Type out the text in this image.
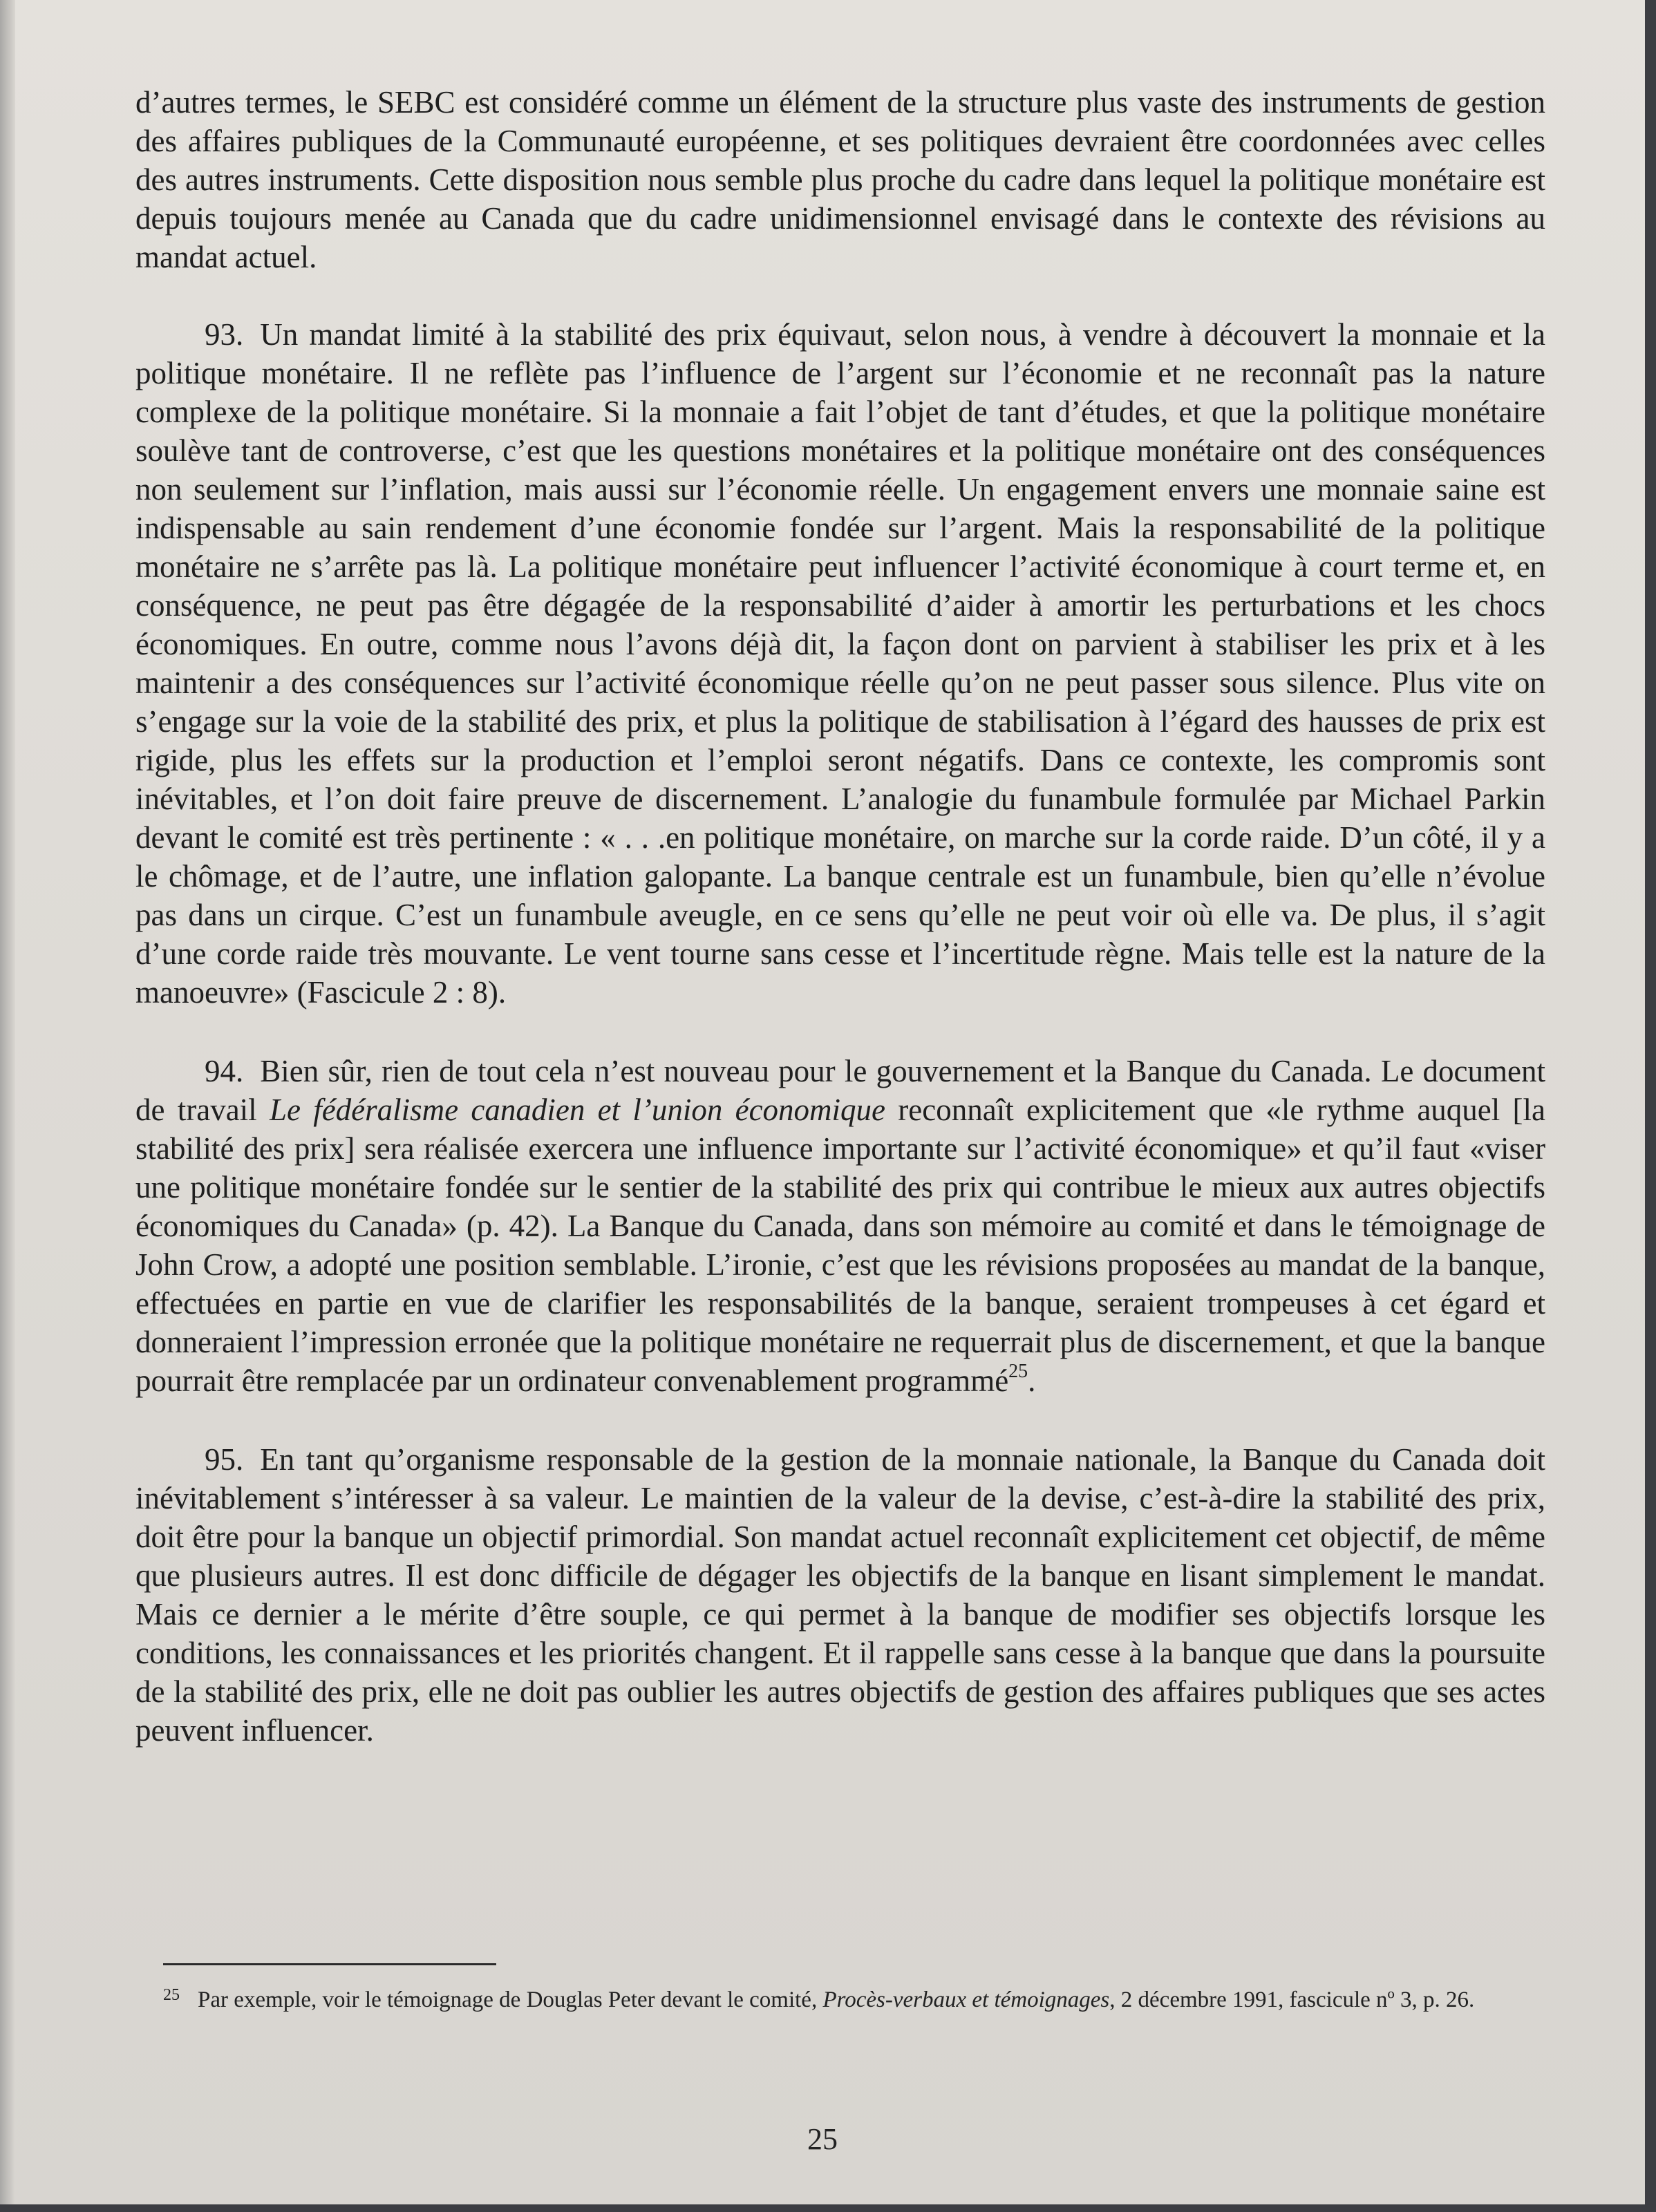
d’autres termes, le SEBC est considéré comme un élément de la structure plus vaste des instruments de gestion des affaires publiques de la Communauté européenne, et ses politiques devraient être coordonnées avec celles des autres instruments. Cette disposition nous semble plus proche du cadre dans lequel la politique monétaire est depuis toujours menée au Canada que du cadre unidimensionnel envisagé dans le contexte des révisions au mandat actuel.

93. Un mandat limité à la stabilité des prix équivaut, selon nous, à vendre à découvert la monnaie et la politique monétaire. Il ne reflète pas l’influence de l’argent sur l’économie et ne reconnaît pas la nature complexe de la politique monétaire. Si la monnaie a fait l’objet de tant d’études, et que la politique monétaire soulève tant de controverse, c’est que les questions monétaires et la politique monétaire ont des conséquences non seulement sur l’inflation, mais aussi sur l’économie réelle. Un engagement envers une monnaie saine est indispensable au sain rendement d’une économie fondée sur l’argent. Mais la responsabilité de la politique monétaire ne s’arrête pas là. La politique monétaire peut influencer l’activité économique à court terme et, en conséquence, ne peut pas être dégagée de la responsabilité d’aider à amortir les perturbations et les chocs économiques. En outre, comme nous l’avons déjà dit, la façon dont on parvient à stabiliser les prix et à les maintenir a des conséquences sur l’activité économique réelle qu’on ne peut passer sous silence. Plus vite on s’engage sur la voie de la stabilité des prix, et plus la politique de stabilisation à l’égard des hausses de prix est rigide, plus les effets sur la production et l’emploi seront négatifs. Dans ce contexte, les compromis sont inévitables, et l’on doit faire preuve de discernement. L’analogie du funambule formulée par Michael Parkin devant le comité est très pertinente : « . . .en politique monétaire, on marche sur la corde raide. D’un côté, il y a le chômage, et de l’autre, une inflation galopante. La banque centrale est un funambule, bien qu’elle n’évolue pas dans un cirque. C’est un funambule aveugle, en ce sens qu’elle ne peut voir où elle va. De plus, il s’agit d’une corde raide très mouvante. Le vent tourne sans cesse et l’incertitude règne. Mais telle est la nature de la manoeuvre» (Fascicule 2 : 8).

94. Bien sûr, rien de tout cela n’est nouveau pour le gouvernement et la Banque du Canada. Le document de travail Le fédéralisme canadien et l’union économique reconnaît explicitement que «le rythme auquel [la stabilité des prix] sera réalisée exercera une influence importante sur l’activité économique» et qu’il faut «viser une politique monétaire fondée sur le sentier de la stabilité des prix qui contribue le mieux aux autres objectifs économiques du Canada» (p. 42). La Banque du Canada, dans son mémoire au comité et dans le témoignage de John Crow, a adopté une position semblable. L’ironie, c’est que les révisions proposées au mandat de la banque, effectuées en partie en vue de clarifier les responsabilités de la banque, seraient trompeuses à cet égard et donneraient l’impression erronée que la politique monétaire ne requerrait plus de discernement, et que la banque pourrait être remplacée par un ordinateur convenablement programmé$^{25}$.

95. En tant qu’organisme responsable de la gestion de la monnaie nationale, la Banque du Canada doit inévitablement s’intéresser à sa valeur. Le maintien de la valeur de la devise, c’est-à-dire la stabilité des prix, doit être pour la banque un objectif primordial. Son mandat actuel reconnaît explicitement cet objectif, de même que plusieurs autres. Il est donc difficile de dégager les objectifs de la banque en lisant simplement le mandat. Mais ce dernier a le mérite d’être souple, ce qui permet à la banque de modifier ses objectifs lorsque les conditions, les connaissances et les priorités changent. Et il rappelle sans cesse à la banque que dans la poursuite de la stabilité des prix, elle ne doit pas oublier les autres objectifs de gestion des affaires publiques que ses actes peuvent influencer.

25 Par exemple, voir le témoignage de Douglas Peter devant le comité, Procès-verbaux et témoignages, 2 décembre 1991, fascicule nº 3, p. 26.
25
